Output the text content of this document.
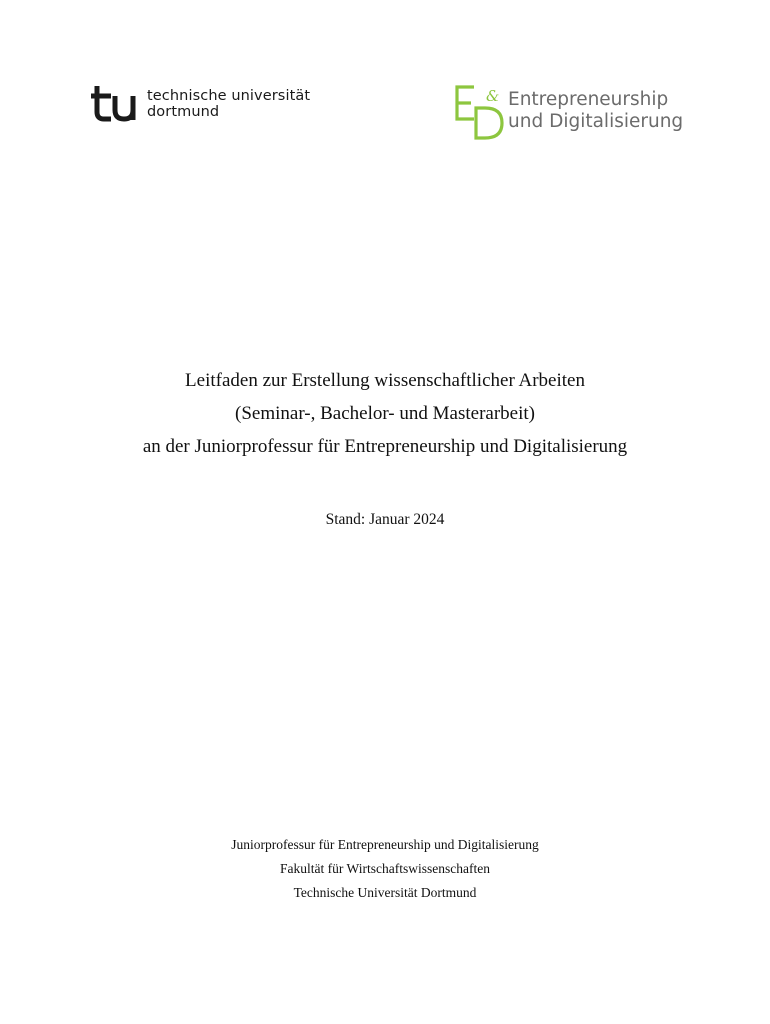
technische universität
dortmund
& Entrepreneurship
und Digitalisierung
Leitfaden zur Erstellung wissenschaftlicher Arbeiten
(Seminar-, Bachelor- und Masterarbeit)
an der Juniorprofessur für Entrepreneurship und Digitalisierung
Stand: Januar 2024
Juniorprofessur für Entrepreneurship und Digitalisierung
Fakultät für Wirtschaftswissenschaften
Technische Universität Dortmund
